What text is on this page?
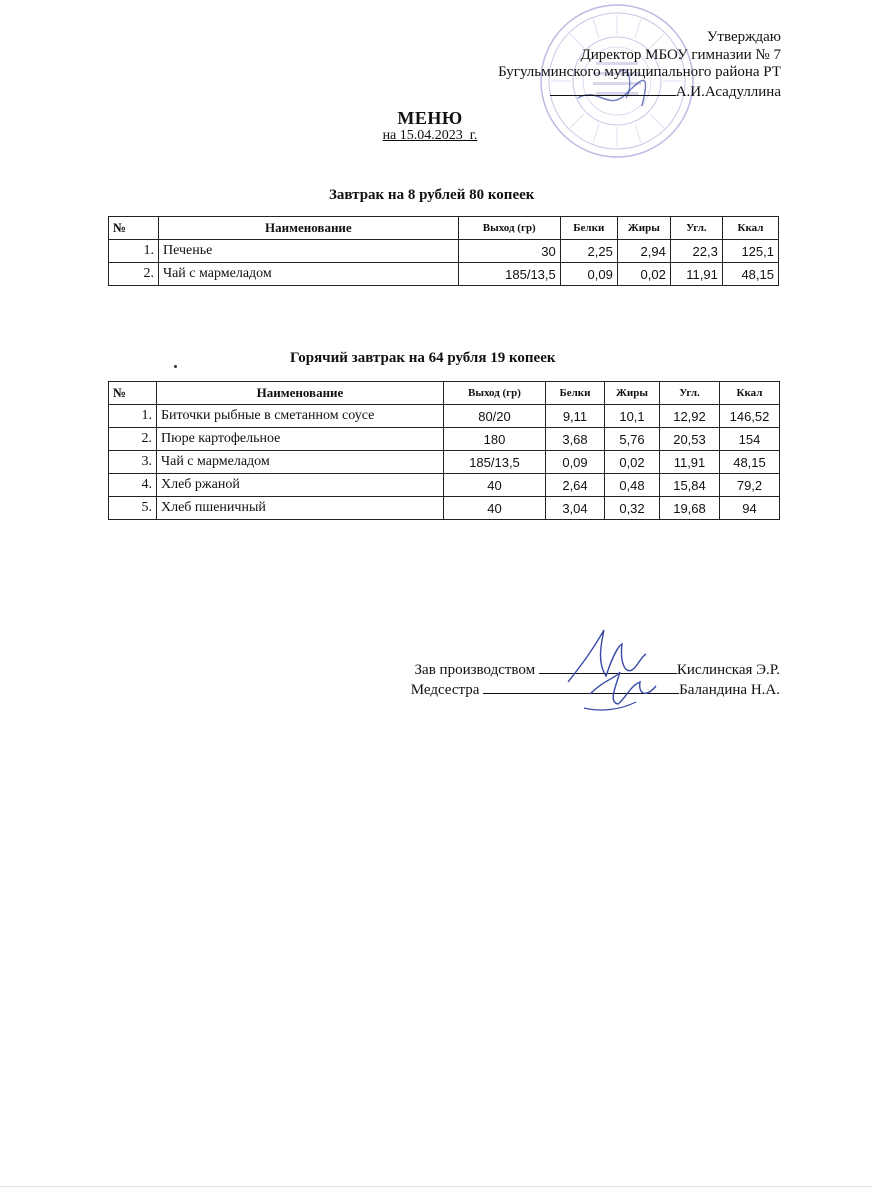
Утверждаю
Директор МБОУ гимназии № 7
Бугульминского муниципального района РТ
А.И.Асадуллина
МЕНЮ
на 15.04.2023_г.
Завтрак на 8 рублей 80 копеек
№	Наименование	Выход (гр)	Белки	Жиры	Угл.	Ккал
1.	Печенье	30	2,25	2,94	22,3	125,1
2.	Чай с мармеладом	185/13,5	0,09	0,02	11,91	48,15
Горячий завтрак на 64 рубля 19 копеек
№	Наименование	Выход (гр)	Белки	Жиры	Угл.	Ккал
1.	Биточки рыбные в сметанном соусе	80/20	9,11	10,1	12,92	146,52
2.	Пюре картофельное	180	3,68	5,76	20,53	154
3.	Чай с мармеладом	185/13,5	0,09	0,02	11,91	48,15
4.	Хлеб ржаной	40	2,64	0,48	15,84	79,2
5.	Хлеб пшеничный	40	3,04	0,32	19,68	94
Зав производством	Кислинская Э.Р.
Медсестра	Баландина Н.А.
